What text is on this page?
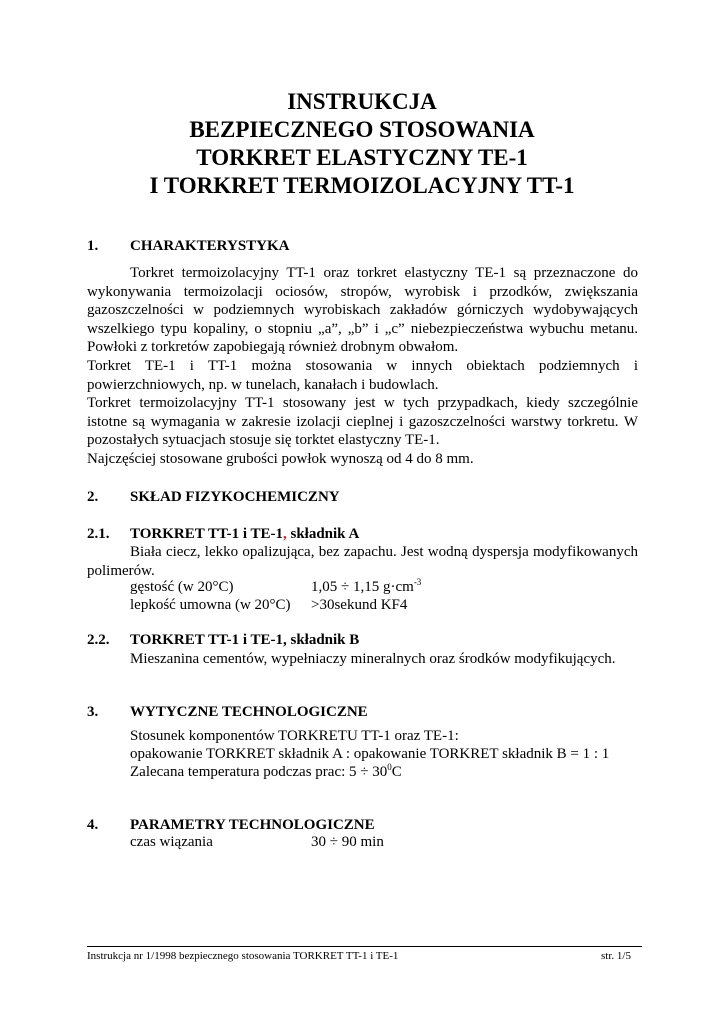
INSTRUKCJA
BEZPIECZNEGO STOSOWANIA
TORKRET ELASTYCZNY TE-1
I TORKRET TERMOIZOLACYJNY TT-1
1. CHARAKTERYSTYKA
Torkret termoizolacyjny TT-1 oraz torkret elastyczny TE-1 są przeznaczone do wykonywania termoizolacji ociosów, stropów, wyrobisk i przodków, zwiększania gazoszczelności w podziemnych wyrobiskach zakładów górniczych wydobywających wszelkiego typu kopaliny, o stopniu „a”, „b” i „c” niebezpieczeństwa wybuchu metanu. Powłoki z torkretów zapobiegają również drobnym obwałom.
Torkret TE-1 i TT-1 można stosowania w innych obiektach podziemnych i powierzchniowych, np. w tunelach, kanałach i budowlach.
Torkret termoizolacyjny TT-1 stosowany jest w tych przypadkach, kiedy szczególnie istotne są wymagania w zakresie izolacji cieplnej i gazoszczelności warstwy torkretu. W pozostałych sytuacjach stosuje się torktet elastyczny TE-1.
Najczęściej stosowane grubości powłok wynoszą od 4 do 8 mm.
2. SKŁAD FIZYKOCHEMICZNY
2.1. TORKRET TT-1 i TE-1, składnik A
Biała ciecz, lekko opalizująca, bez zapachu. Jest wodną dyspersja modyfikowanych polimerów.
gęstość (w 20°C)	1,05 ÷ 1,15 $g\cdot cm^{-3}$
lepkość umowna (w 20°C) >30sekund KF4
2.2. TORKRET TT-1 i TE-1, składnik B
Mieszanina cementów, wypełniaczy mineralnych oraz środków modyfikujących.
3. WYTYCZNE TECHNOLOGICZNE
Stosunek komponentów TORKRETU TT-1 oraz TE-1:
opakowanie TORKRET składnik A : opakowanie TORKRET składnik B = 1 : 1
Zalecana temperatura podczas prac: $5 \div 30^0C$
4. PARAMETRY TECHNOLOGICZNE
czas wiązania	30 ÷ 90 min
Instrukcja nr 1/1998 bezpiecznego stosowania TORKRET TT-1 i TE-1	str. 1/5
